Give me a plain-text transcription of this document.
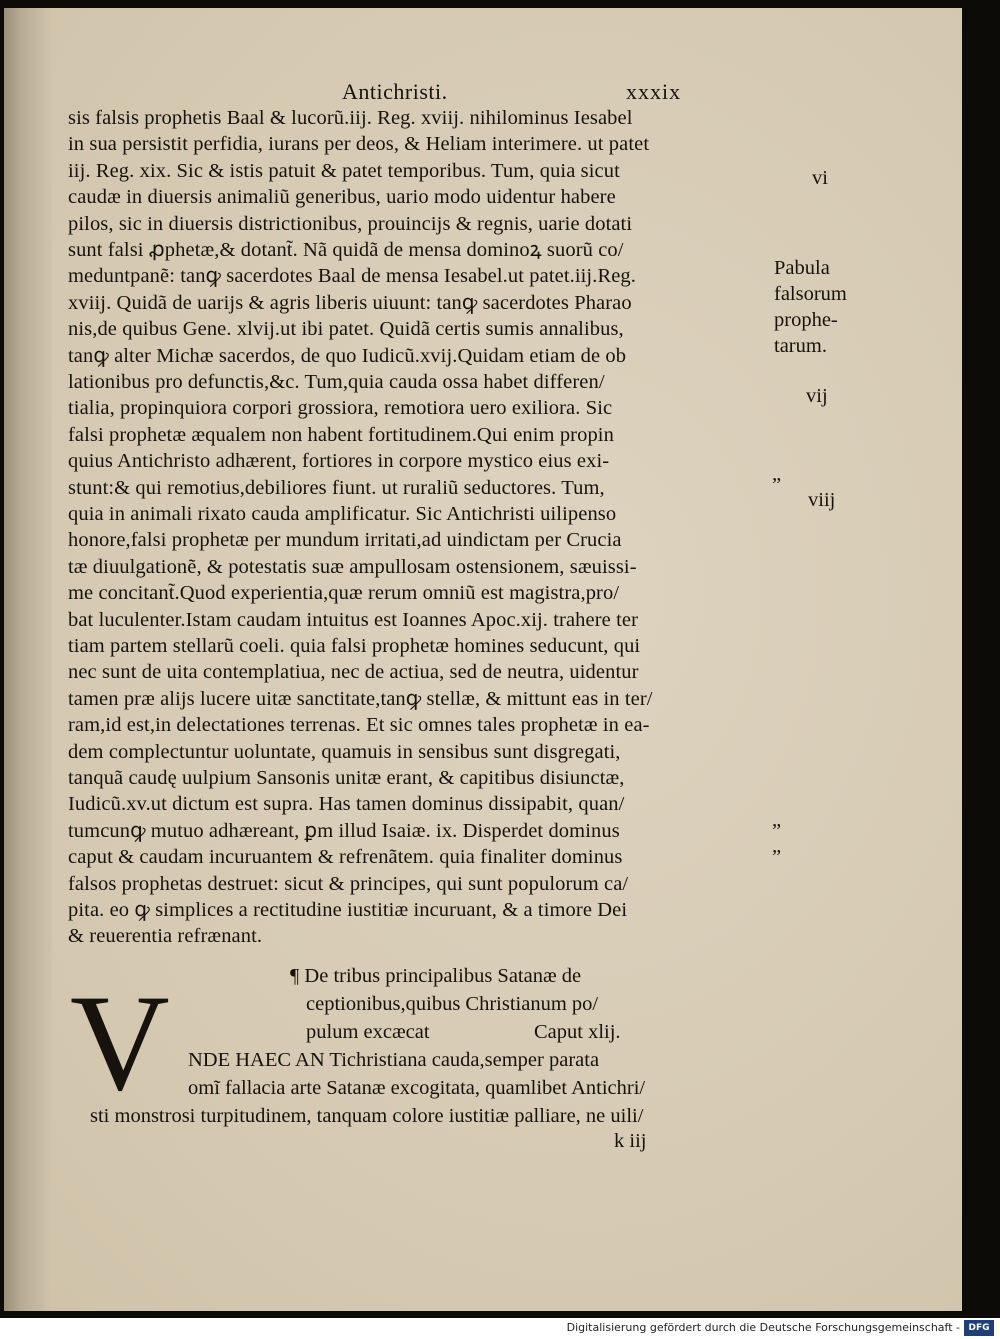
Antichristi.	xxxix
sis falsis prophetis Baal & lucorũ.iij. Reg. xviij. nihilominus Iesabel
in sua persistit perfidia, iurans per deos, & Heliam interimere. ut patet
iij. Reg. xix. Sic & istis patuit & patet temporibus. Tum, quia sicut
caudæ in diuersis animaliũ generibus, uario modo uidentur habere
pilos, sic in diuersis districtionibus, prouincijs & regnis, uarie dotati
sunt falsi ꝓphetæ,& dotant̃. Nã quidã de mensa dominoꝝ suorũ co/
meduntpanẽ: tanꝙ sacerdotes Baal de mensa Iesabel.ut patet.iij.Reg.
xviij. Quidã de uarijs & agris liberis uiuunt: tanꝙ sacerdotes Pharao
nis,de quibus Gene. xlvij.ut ibi patet. Quidã certis sumis annalibus,
tanꝙ alter Michæ sacerdos, de quo Iudicũ.xvij.Quidam etiam de ob
lationibus pro defunctis,&c. Tum,quia cauda ossa habet differen/
tialia, propinquiora corpori grossiora, remotiora uero exiliora. Sic
falsi prophetæ æqualem non habent fortitudinem.Qui enim propin
quius Antichristo adhærent, fortiores in corpore mystico eius exi-
stunt:& qui remotius,debiliores fiunt. ut ruraliũ seductores. Tum,
quia in animali rixato cauda amplificatur. Sic Antichristi uilipenso
honore,falsi prophetæ per mundum irritati,ad uindictam per Crucia
tæ diuulgationẽ, & potestatis suæ ampullosam ostensionem, sæuissi-
me concitant̃.Quod experientia,quæ rerum omniũ est magistra,pro/
bat luculenter.Istam caudam intuitus est Ioannes Apoc.xij. trahere ter
tiam partem stellarũ coeli. quia falsi prophetæ homines seducunt, qui
nec sunt de uita contemplatiua, nec de actiua, sed de neutra, uidentur
tamen præ alijs lucere uitæ sanctitate,tanꝙ stellæ, & mittunt eas in ter/
ram,id est,in delectationes terrenas. Et sic omnes tales prophetæ in ea-
dem complectuntur uoluntate, quamuis in sensibus sunt disgregati,
tanquã caudę uulpium Sansonis unitæ erant, & capitibus disiunctæ,
Iudicũ.xv.ut dictum est supra. Has tamen dominus dissipabit, quan/
tumcunꝙ mutuo adhæreant, ꝑm illud Isaiæ. ix. Disperdet dominus
caput & caudam incuruantem & refrenãtem. quia finaliter dominus
falsos prophetas destruet: sicut & principes, qui sunt populorum ca/
pita. eo ꝙ simplices a rectitudine iustitiæ incuruant, & a timore Dei
& reuerentia refrænant.
vi
Pabula
falsorum
prophe-
tarum.
vij
„
viij
„
„
V	¶ De tribus principalibus Satanæ de
ceptionibus,quibus Christianum po/
pulum excæcat	Caput xlij.
NDE HAEC AN Tichristiana cauda,semper parata
omĩ fallacia arte Satanæ excogitata, quamlibet Antichri/
sti monstrosi turpitudinem, tanquam colore iustitiæ palliare, ne uili/
k iij
Digitalisierung gefördert durch die Deutsche Forschungsgemeinschaft - DFG
